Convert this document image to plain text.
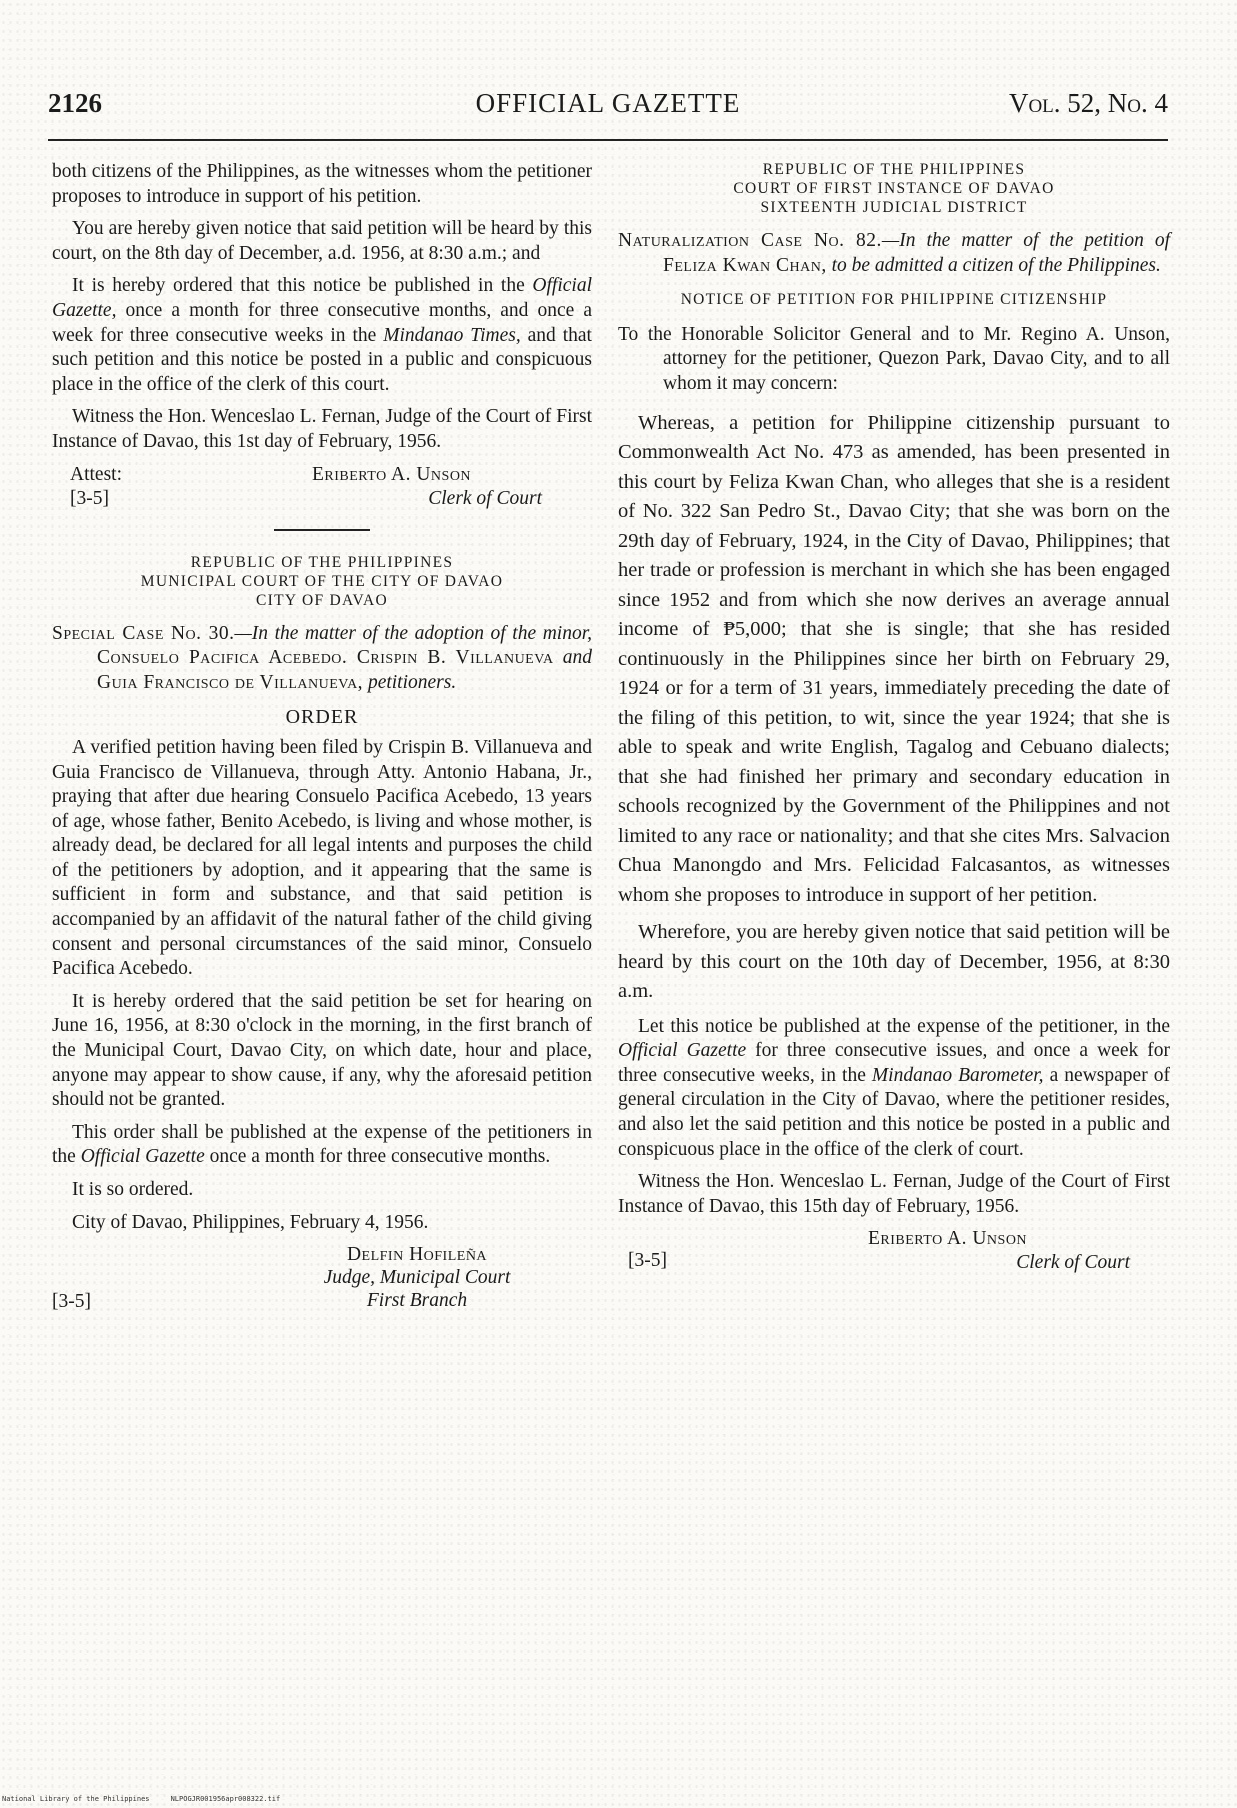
OFFICIAL GAZETTE
2126	Vol. 52, No. 4

both citizens of the Philippines, as the witnesses whom the petitioner proposes to introduce in support of his petition.

You are hereby given notice that said petition will be heard by this court, on the 8th day of December, a.d. 1956, at 8:30 a.m.; and

It is hereby ordered that this notice be published in the Official Gazette, once a month for three consecutive months, and once a week for three consecutive weeks in the Mindanao Times, and that such petition and this notice be posted in a public and conspicuous place in the office of the clerk of this court.

Witness the Hon. Wenceslao L. Fernan, Judge of the Court of First Instance of Davao, this 1st day of February, 1956.

Attest:
[3-5]
Eriberto A. Unson
Clerk of Court
REPUBLIC OF THE PHILIPPINES
MUNICIPAL COURT OF THE CITY OF DAVAO
CITY OF DAVAO

Special Case No. 30.—In the matter of the adoption of the minor, Consuelo Pacifica Acebedo. Crispin B. Villanueva and Guia Francisco de Villanueva, petitioners.

ORDER

A verified petition having been filed by Crispin B. Villanueva and Guia Francisco de Villanueva, through Atty. Antonio Habana, Jr., praying that after due hearing Consuelo Pacifica Acebedo, 13 years of age, whose father, Benito Acebedo, is living and whose mother, is already dead, be declared for all legal intents and purposes the child of the petitioners by adoption, and it appearing that the same is sufficient in form and substance, and that said petition is accompanied by an affidavit of the natural father of the child giving consent and personal circumstances of the said minor, Consuelo Pacifica Acebedo.

It is hereby ordered that the said petition be set for hearing on June 16, 1956, at 8:30 o'clock in the morning, in the first branch of the Municipal Court, Davao City, on which date, hour and place, anyone may appear to show cause, if any, why the aforesaid petition should not be granted.

This order shall be published at the expense of the petitioners in the Official Gazette once a month for three consecutive months.

It is so ordered.

City of Davao, Philippines, February 4, 1956.

Delfin Hofileña
Judge, Municipal Court
First Branch
[3-5]
REPUBLIC OF THE PHILIPPINES
COURT OF FIRST INSTANCE OF DAVAO
SIXTEENTH JUDICIAL DISTRICT

Naturalization Case No. 82.—In the matter of the petition of Feliza Kwan Chan, to be admitted a citizen of the Philippines.

NOTICE OF PETITION FOR PHILIPPINE CITIZENSHIP

To the Honorable Solicitor General and to Mr. Regino A. Unson, attorney for the petitioner, Quezon Park, Davao City, and to all whom it may concern:

Whereas, a petition for Philippine citizenship pursuant to Commonwealth Act No. 473 as amended, has been presented in this court by Feliza Kwan Chan, who alleges that she is a resident of No. 322 San Pedro St., Davao City; that she was born on the 29th day of February, 1924, in the City of Davao, Philippines; that her trade or profession is merchant in which she has been engaged since 1952 and from which she now derives an average annual income of ₱5,000; that she is single; that she has resided continuously in the Philippines since her birth on February 29, 1924 or for a term of 31 years, immediately preceding the date of the filing of this petition, to wit, since the year 1924; that she is able to speak and write English, Tagalog and Cebuano dialects; that she had finished her primary and secondary education in schools recognized by the Government of the Philippines and not limited to any race or nationality; and that she cites Mrs. Salvacion Chua Manongdo and Mrs. Felicidad Falcasantos, as witnesses whom she proposes to introduce in support of her petition.

Wherefore, you are hereby given notice that said petition will be heard by this court on the 10th day of December, 1956, at 8:30 a.m.

Let this notice be published at the expense of the petitioner, in the Official Gazette for three consecutive issues, and once a week for three consecutive weeks, in the Mindanao Barometer, a newspaper of general circulation in the City of Davao, where the petitioner resides, and also let the said petition and this notice be posted in a public and conspicuous place in the office of the clerk of court.

Witness the Hon. Wenceslao L. Fernan, Judge of the Court of First Instance of Davao, this 15th day of February, 1956.

Eriberto A. Unson
Clerk of Court
[3-5]
National Library of the Philippines	NLPOGJR001956apr008322.tif
